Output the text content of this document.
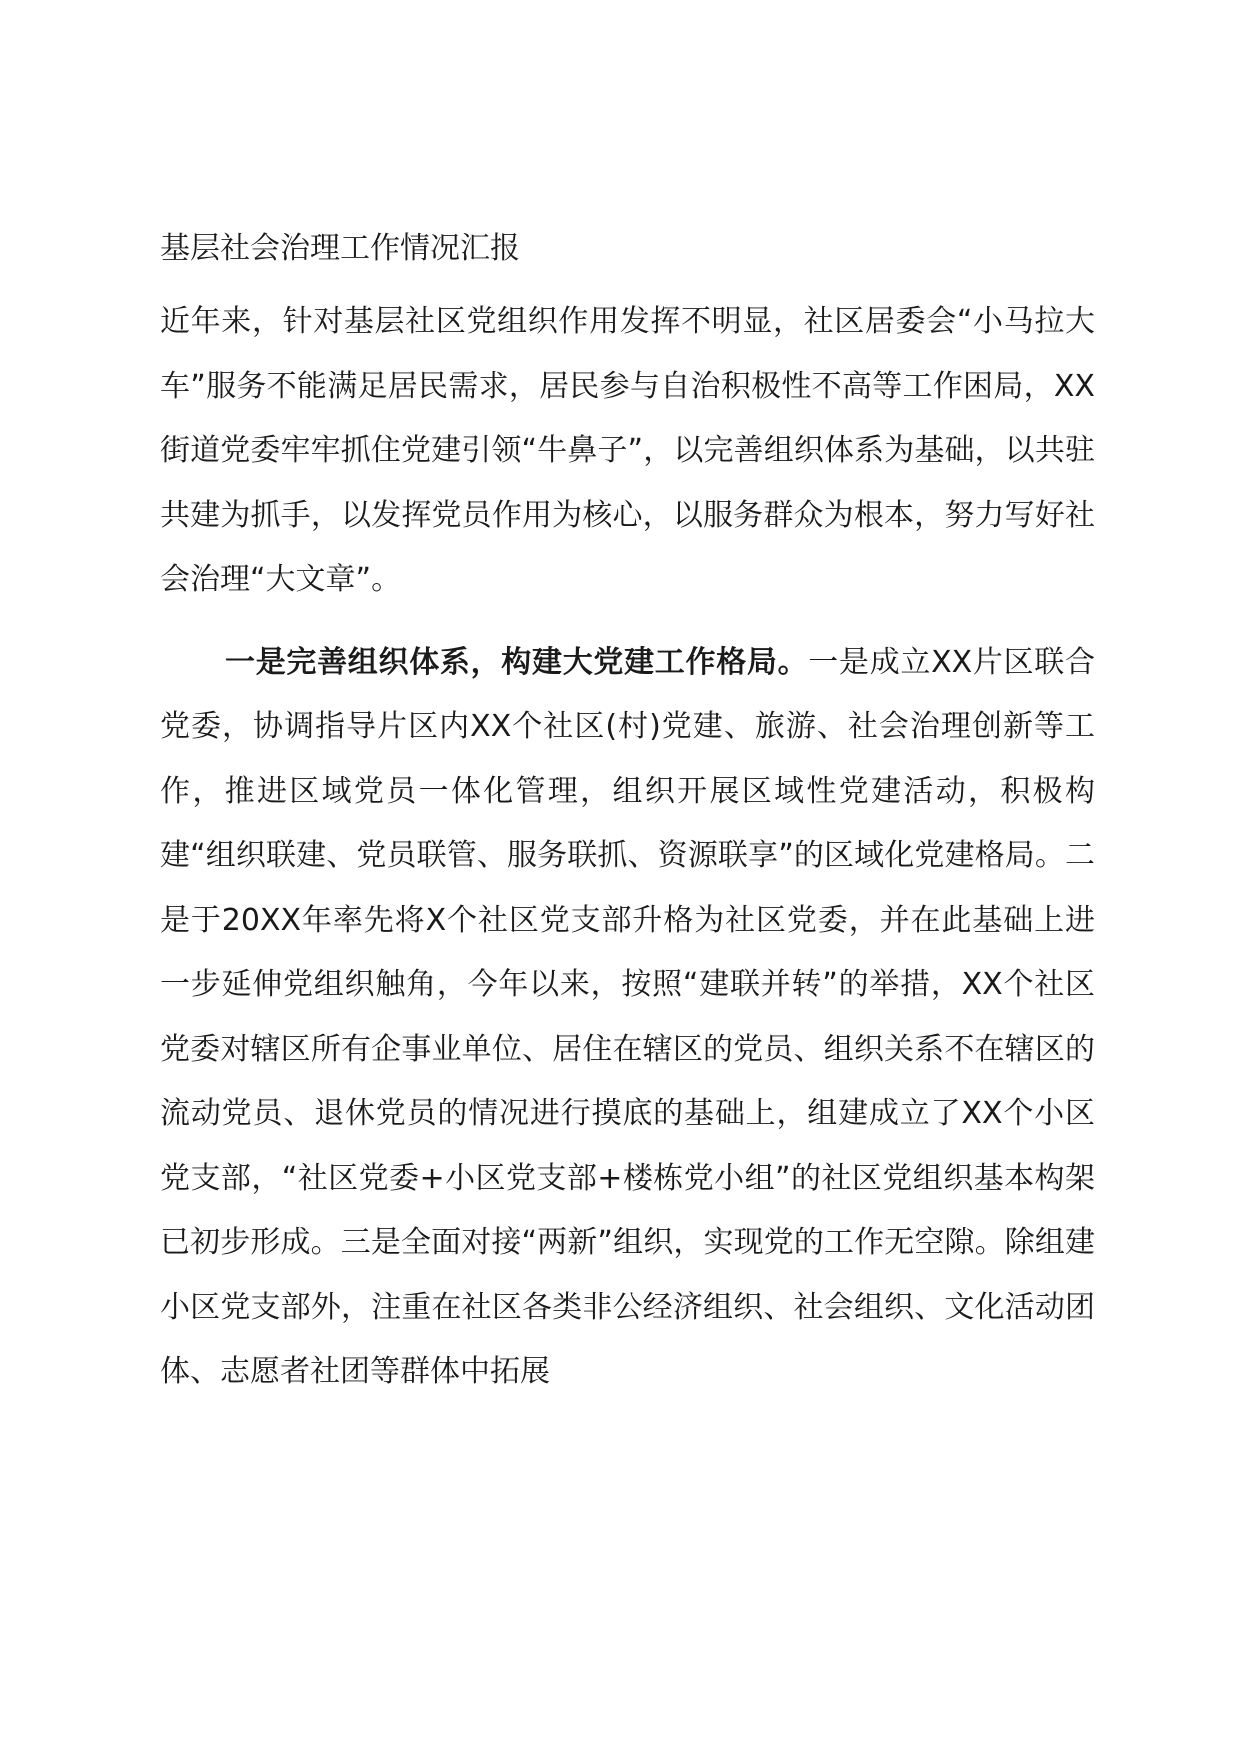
基层社会治理工作情况汇报

近年来，针对基层社区党组织作用发挥不明显，社区居委会“小马拉大车”服务不能满足居民需求，居民参与自治积极性不高等工作困局，XX街道党委牢牢抓住党建引领“牛鼻子”，以完善组织体系为基础，以共驻共建为抓手，以发挥党员作用为核心，以服务群众为根本，努力写好社会治理“大文章”。

一是完善组织体系，构建大党建工作格局。一是成立XX片区联合党委，协调指导片区内XX个社区(村)党建、旅游、社会治理创新等工作，推进区域党员一体化管理，组织开展区域性党建活动，积极构建“组织联建、党员联管、服务联抓、资源联享”的区域化党建格局。二是于20XX年率先将X个社区党支部升格为社区党委，并在此基础上进一步延伸党组织触角，今年以来，按照“建联并转”的举措，XX个社区党委对辖区所有企事业单位、居住在辖区的党员、组织关系不在辖区的流动党员、退休党员的情况进行摸底的基础上，组建成立了XX个小区党支部，“社区党委+小区党支部+楼栋党小组”的社区党组织基本构架已初步形成。三是全面对接“两新”组织，实现党的工作无空隙。除组建小区党支部外，注重在社区各类非公经济组织、社会组织、文化活动团体、志愿者社团等群体中拓展
